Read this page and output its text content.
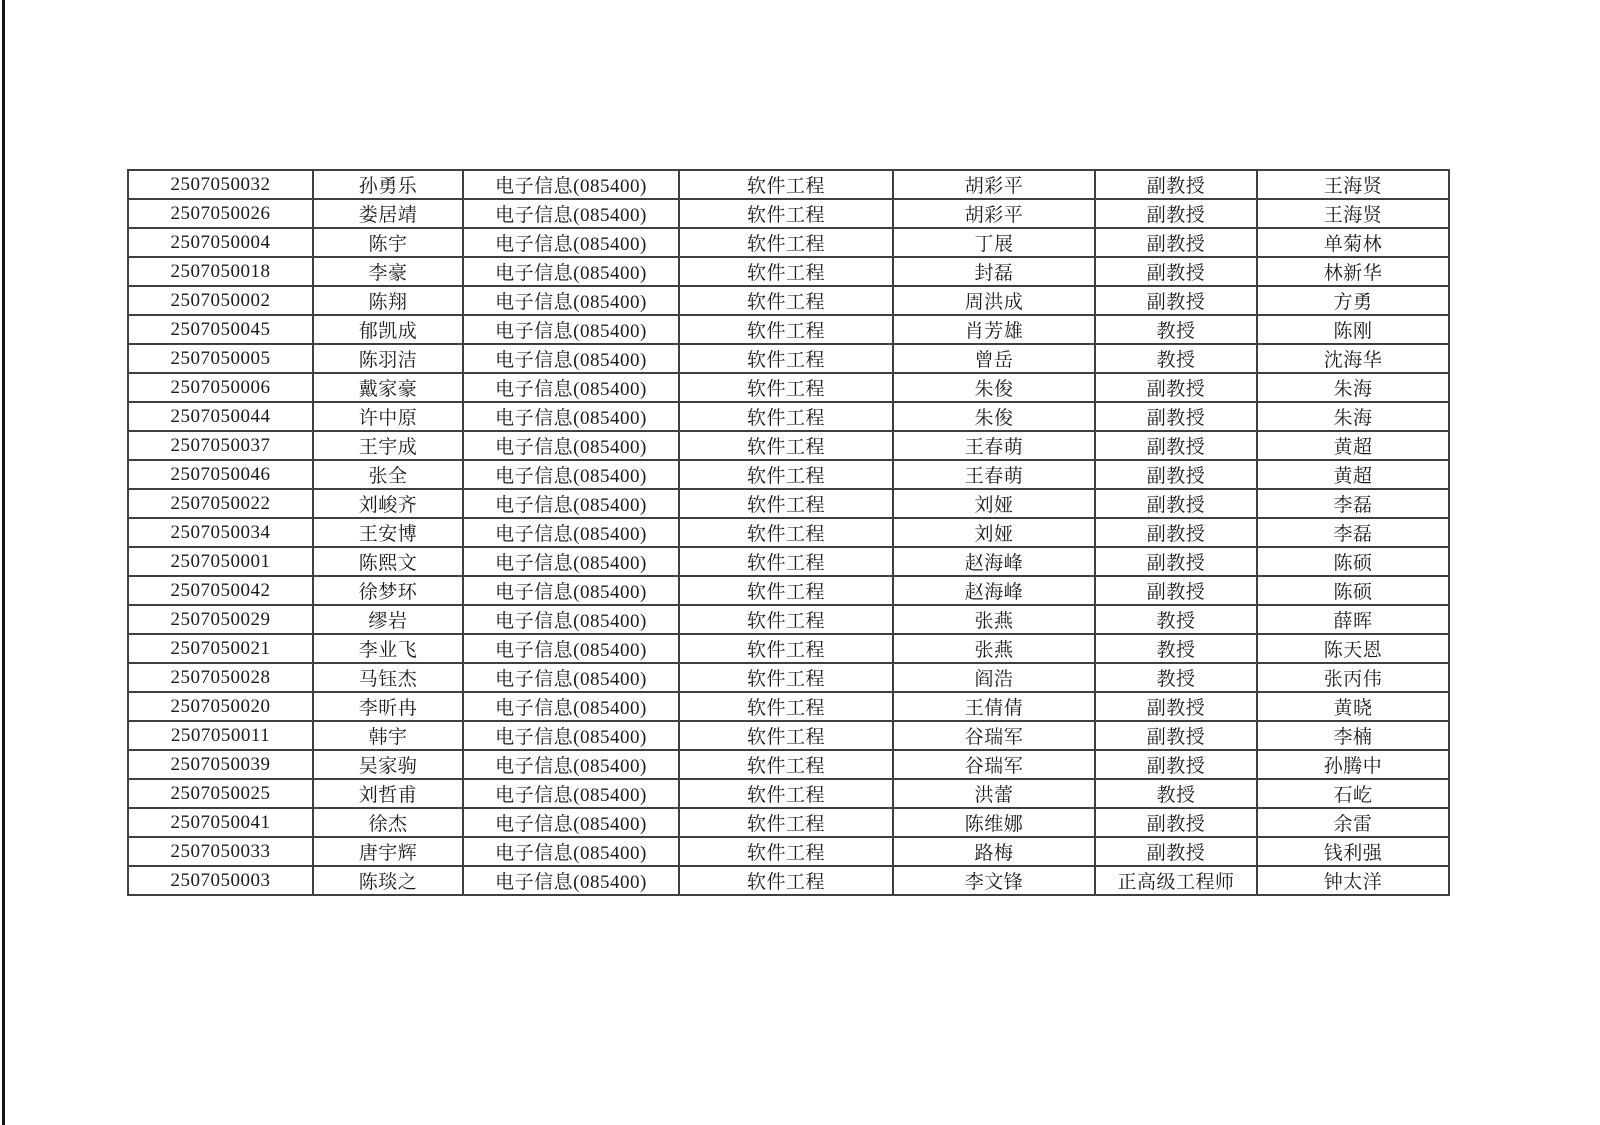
2507050032	孙勇乐	电子信息(085400)	软件工程	胡彩平	副教授	王海贤
2507050026	娄居靖	电子信息(085400)	软件工程	胡彩平	副教授	王海贤
2507050004	陈宇	电子信息(085400)	软件工程	丁展	副教授	单菊林
2507050018	李豪	电子信息(085400)	软件工程	封磊	副教授	林新华
2507050002	陈翔	电子信息(085400)	软件工程	周洪成	副教授	方勇
2507050045	郁凯成	电子信息(085400)	软件工程	肖芳雄	教授	陈刚
2507050005	陈羽洁	电子信息(085400)	软件工程	曾岳	教授	沈海华
2507050006	戴家豪	电子信息(085400)	软件工程	朱俊	副教授	朱海
2507050044	许中原	电子信息(085400)	软件工程	朱俊	副教授	朱海
2507050037	王宇成	电子信息(085400)	软件工程	王春萌	副教授	黄超
2507050046	张全	电子信息(085400)	软件工程	王春萌	副教授	黄超
2507050022	刘峻齐	电子信息(085400)	软件工程	刘娅	副教授	李磊
2507050034	王安博	电子信息(085400)	软件工程	刘娅	副教授	李磊
2507050001	陈熙文	电子信息(085400)	软件工程	赵海峰	副教授	陈硕
2507050042	徐梦环	电子信息(085400)	软件工程	赵海峰	副教授	陈硕
2507050029	缪岩	电子信息(085400)	软件工程	张燕	教授	薛晖
2507050021	李业飞	电子信息(085400)	软件工程	张燕	教授	陈天恩
2507050028	马钰杰	电子信息(085400)	软件工程	阎浩	教授	张丙伟
2507050020	李昕冉	电子信息(085400)	软件工程	王倩倩	副教授	黄晓
2507050011	韩宇	电子信息(085400)	软件工程	谷瑞军	副教授	李楠
2507050039	吴家驹	电子信息(085400)	软件工程	谷瑞军	副教授	孙腾中
2507050025	刘哲甫	电子信息(085400)	软件工程	洪蕾	教授	石屹
2507050041	徐杰	电子信息(085400)	软件工程	陈维娜	副教授	余雷
2507050033	唐宇辉	电子信息(085400)	软件工程	路梅	副教授	钱利强
2507050003	陈琰之	电子信息(085400)	软件工程	李文锋	正高级工程师	钟太洋
